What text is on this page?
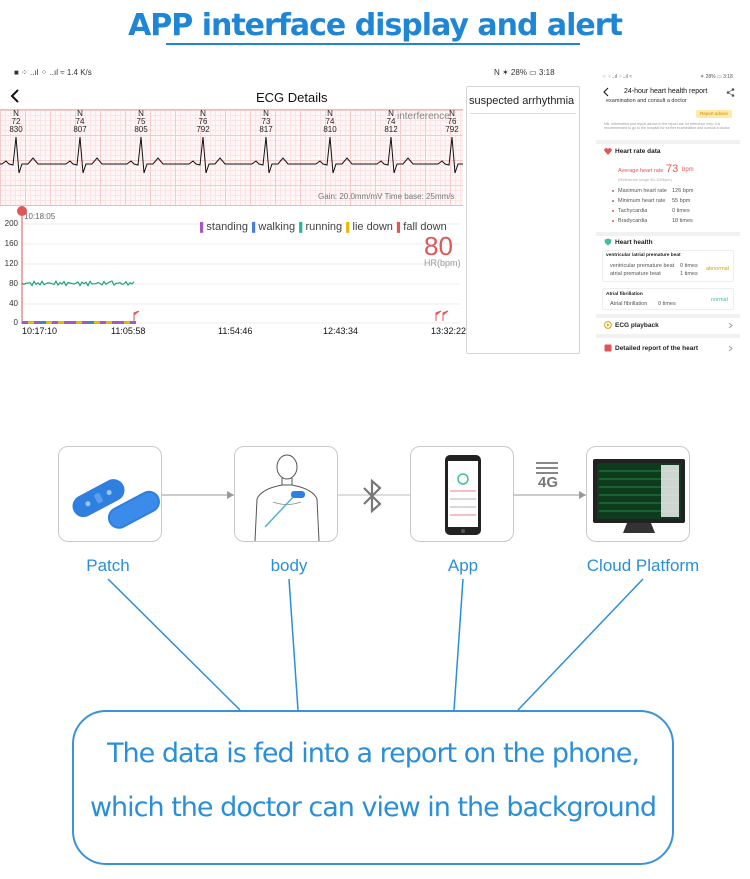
APP interface display and alert
■ ⁘ ..ıl ⁘ ..ıl ≈ 1.4 K/s	N ✶ 28% ▭ 3:18
ECG Details
N
72
830
N
74
807
N
75
805
N
76
792
N
73
817
N
74
810
N
74
812
N
76
792
interference
Gain: 20.0mm/mV Time base: 25mm/s
10:18:05
200
160
120
80
40
0
10:17:10	11:05:58	11:54:46	12:43:34	13:32:22
▌standing ▌walking ▌running ▌lie down ▌fall down
80
HR(bpm)
suspected arrhythmia
⁙ ⁘..ıl ⁘..ıl ≈	✶ 28% ▭ 3:18
24-hour heart health report
examination and consult a doctor
Report advice
NB: information and report advice in the report are for reference only. It is recommended to go to the hospital for further examination and consult a doctor.
Heart rate data
Average heart rate 73 bpm
(Reference range 50-120bpm)
Maximum heart rate 126 bpm
Minimum heart rate 55 bpm
Tachycardia	0 times
Bradycardia	18 times
Heart health
ventricular /atrial premature beat
ventricular premature beat 0 times
atrial premature beat	1 times
abnormal
Atrial fibrillation
Atrial fibrillation 0 times
normal
ECG playback
Detailed report of the heart
4G
Patch	body	App	Cloud Platform
The data is fed into a report on the phone,
which the doctor can view in the background
